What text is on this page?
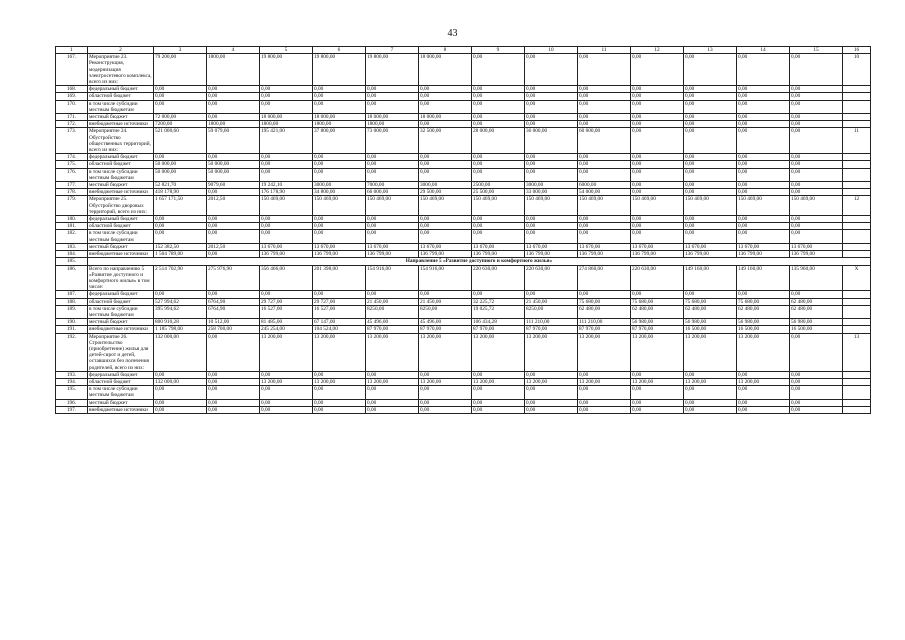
43
1	2	3	4	5	6	7	8	9	10	11	12	13	14	15	16
167.	Мероприятие 23. Реконструкция, модернизация электросетевого комплекса, всего из них:	79 200,00	1800,00	19 800,00	19 800,00	19 800,00	18 000,00	0,00	0,00	0,00	0,00	0,00	0,00	0,00	10
168.	федеральный бюджет	0,00	0,00	0,00	0,00	0,00	0,00	0,00	0,00	0,00	0,00	0,00	0,00	0,00	
169.	областной бюджет	0,00	0,00	0,00	0,00	0,00	0,00	0,00	0,00	0,00	0,00	0,00	0,00	0,00	
170.	в том числе субсидии местным бюджетам	0,00	0,00	0,00	0,00	0,00	0,00	0,00	0,00	0,00	0,00	0,00	0,00	0,00	
171.	местный бюджет	72 000,00	0,00	18 000,00	18 000,00	18 000,00	18 000,00	0,00	0,00	0,00	0,00	0,00	0,00	0,00	
172.	внебюджетные источники	7200,00	1800,00	1800,00	1800,00	1800,00	0,00	0,00	0,00	0,00	0,00	0,00	0,00	0,00	
173.	Мероприятие 24. Обустройство общественных территорий, всего из них:	521 000,60	59 079,60	195 421,00	37 800,00	73 000,00	32 500,00	28 000,00	36 000,00	60 000,00	0,00	0,00	0,00	0,00	11
174.	федеральный бюджет	0,00	0,00	0,00	0,00	0,00	0,00	0,00	0,00	0,00	0,00	0,00	0,00	0,00	
175.	областной бюджет	50 000,00	50 000,00	0,00	0,00	0,00	0,00	0,00	0,00	0,00	0,00	0,00	0,00	0,00	
176.	в том числе субсидии местным бюджетам	50 000,00	50 000,00	0,00	0,00	0,00	0,00	0,00	0,00	0,00	0,00	0,00	0,00	0,00	
177.	местный бюджет	52 821,70	9079,60	19 242,10	3000,00	7000,00	3000,00	2500,00	3000,00	6000,00	0,00	0,00	0,00	0,00	
178.	внебюджетные источники	418 178,90	0,00	176 178,90	34 800,00	66 000,00	29 500,00	25 500,00	33 000,00	54 000,00	0,00	0,00	0,00	0,00	
179.	Мероприятие 25. Обустройство дворовых территорий, всего из них:	1 657 171,50	2012,50	150 469,00	150 469,00	150 469,00	150 469,00	150 469,00	150 469,00	150 469,00	150 469,00	150 469,00	150 469,00	150 469,00	12
180.	федеральный бюджет	0,00	0,00	0,00	0,00	0,00	0,00	0,00	0,00	0,00	0,00	0,00	0,00	0,00	
181.	областной бюджет	0,00	0,00	0,00	0,00	0,00	0,00	0,00	0,00	0,00	0,00	0,00	0,00	0,00	
182.	в том числе субсидии местным бюджетам	0,00	0,00	0,00	0,00	0,00	0,00	0,00	0,00	0,00	0,00	0,00	0,00	0,00	
183.	местный бюджет	152 382,50	2012,50	13 670,00	13 670,00	13 670,00	13 670,00	13 670,00	13 670,00	13 670,00	13 670,00	13 670,00	13 670,00	13 670,00	
184.	внебюджетные источники	1 504 789,00	0,00	136 799,00	136 799,00	136 799,00	136 799,00	136 799,00	136 799,00	136 799,00	136 799,00	136 799,00	136 799,00	136 799,00	
185.	Направление 5 «Развитие доступного и комфортного жилья»														
186.	Всего по направлению 5 «Развитие доступного и комфортного жилья» в том числе:	2 514 702,90	275 976,90	356 466,00	201 398,00	154 916,00	154 916,00	220 630,00	220 630,00	274 860,00	220 630,00	149 160,00	149 160,00	135 960,00	Х
187.	федеральный бюджет	0,00	0,00	0,00	0,00	0,00	0,00	0,00	0,00	0,00	0,00	0,00	0,00	0,00	
188.	областной бюджет	527 994,62	6764,90	29 727,00	29 727,00	21 450,00	21 450,00	32 225,72	21 450,00	75 680,00	75 680,00	75 680,00	75 680,00	62 480,00	
189.	в том числе субсидии местным бюджетам	395 994,62	6764,90	16 527,00	16 527,00	8250,00	8250,00	19 025,72	8250,00	62 480,00	62 480,00	62 480,00	62 480,00	62 480,00	
190.	местный бюджет	800 910,28	10 512,00	81 485,00	67 147,00	45 496,00	45 496,00	106 434,28	111 210,00	111 210,00	56 980,00	56 980,00	56 980,00	56 980,00	
191.	внебюджетные источники	1 185 798,00	258 700,00	245 254,00	104 524,00	87 970,00	87 970,00	87 970,00	87 970,00	87 970,00	87 970,00	16 500,00	16 500,00	16 500,00	
192.	Мероприятие 26. Строительство (приобретение) жилья для детей-сирот и детей, оставшихся без попечения родителей, всего из них:	132 000,00	0,00	13 200,00	13 200,00	13 200,00	13 200,00	13 200,00	13 200,00	13 200,00	13 200,00	13 200,00	13 200,00	0,00	13
193.	федеральный бюджет	0,00	0,00	0,00	0,00	0,00	0,00	0,00	0,00	0,00	0,00	0,00	0,00	0,00	
194.	областной бюджет	132 000,00	0,00	13 200,00	13 200,00	13 200,00	13 200,00	13 200,00	13 200,00	13 200,00	13 200,00	13 200,00	13 200,00	0,00	
195.	в том числе субсидии местным бюджетам	0,00	0,00	0,00	0,00	0,00	0,00	0,00	0,00	0,00	0,00	0,00	0,00	0,00	
196.	местный бюджет	0,00	0,00	0,00	0,00	0,00	0,00	0,00	0,00	0,00	0,00	0,00	0,00	0,00	
197.	внебюджетные источники	0,00	0,00	0,00	0,00	0,00	0,00	0,00	0,00	0,00	0,00	0,00	0,00	0,00	
